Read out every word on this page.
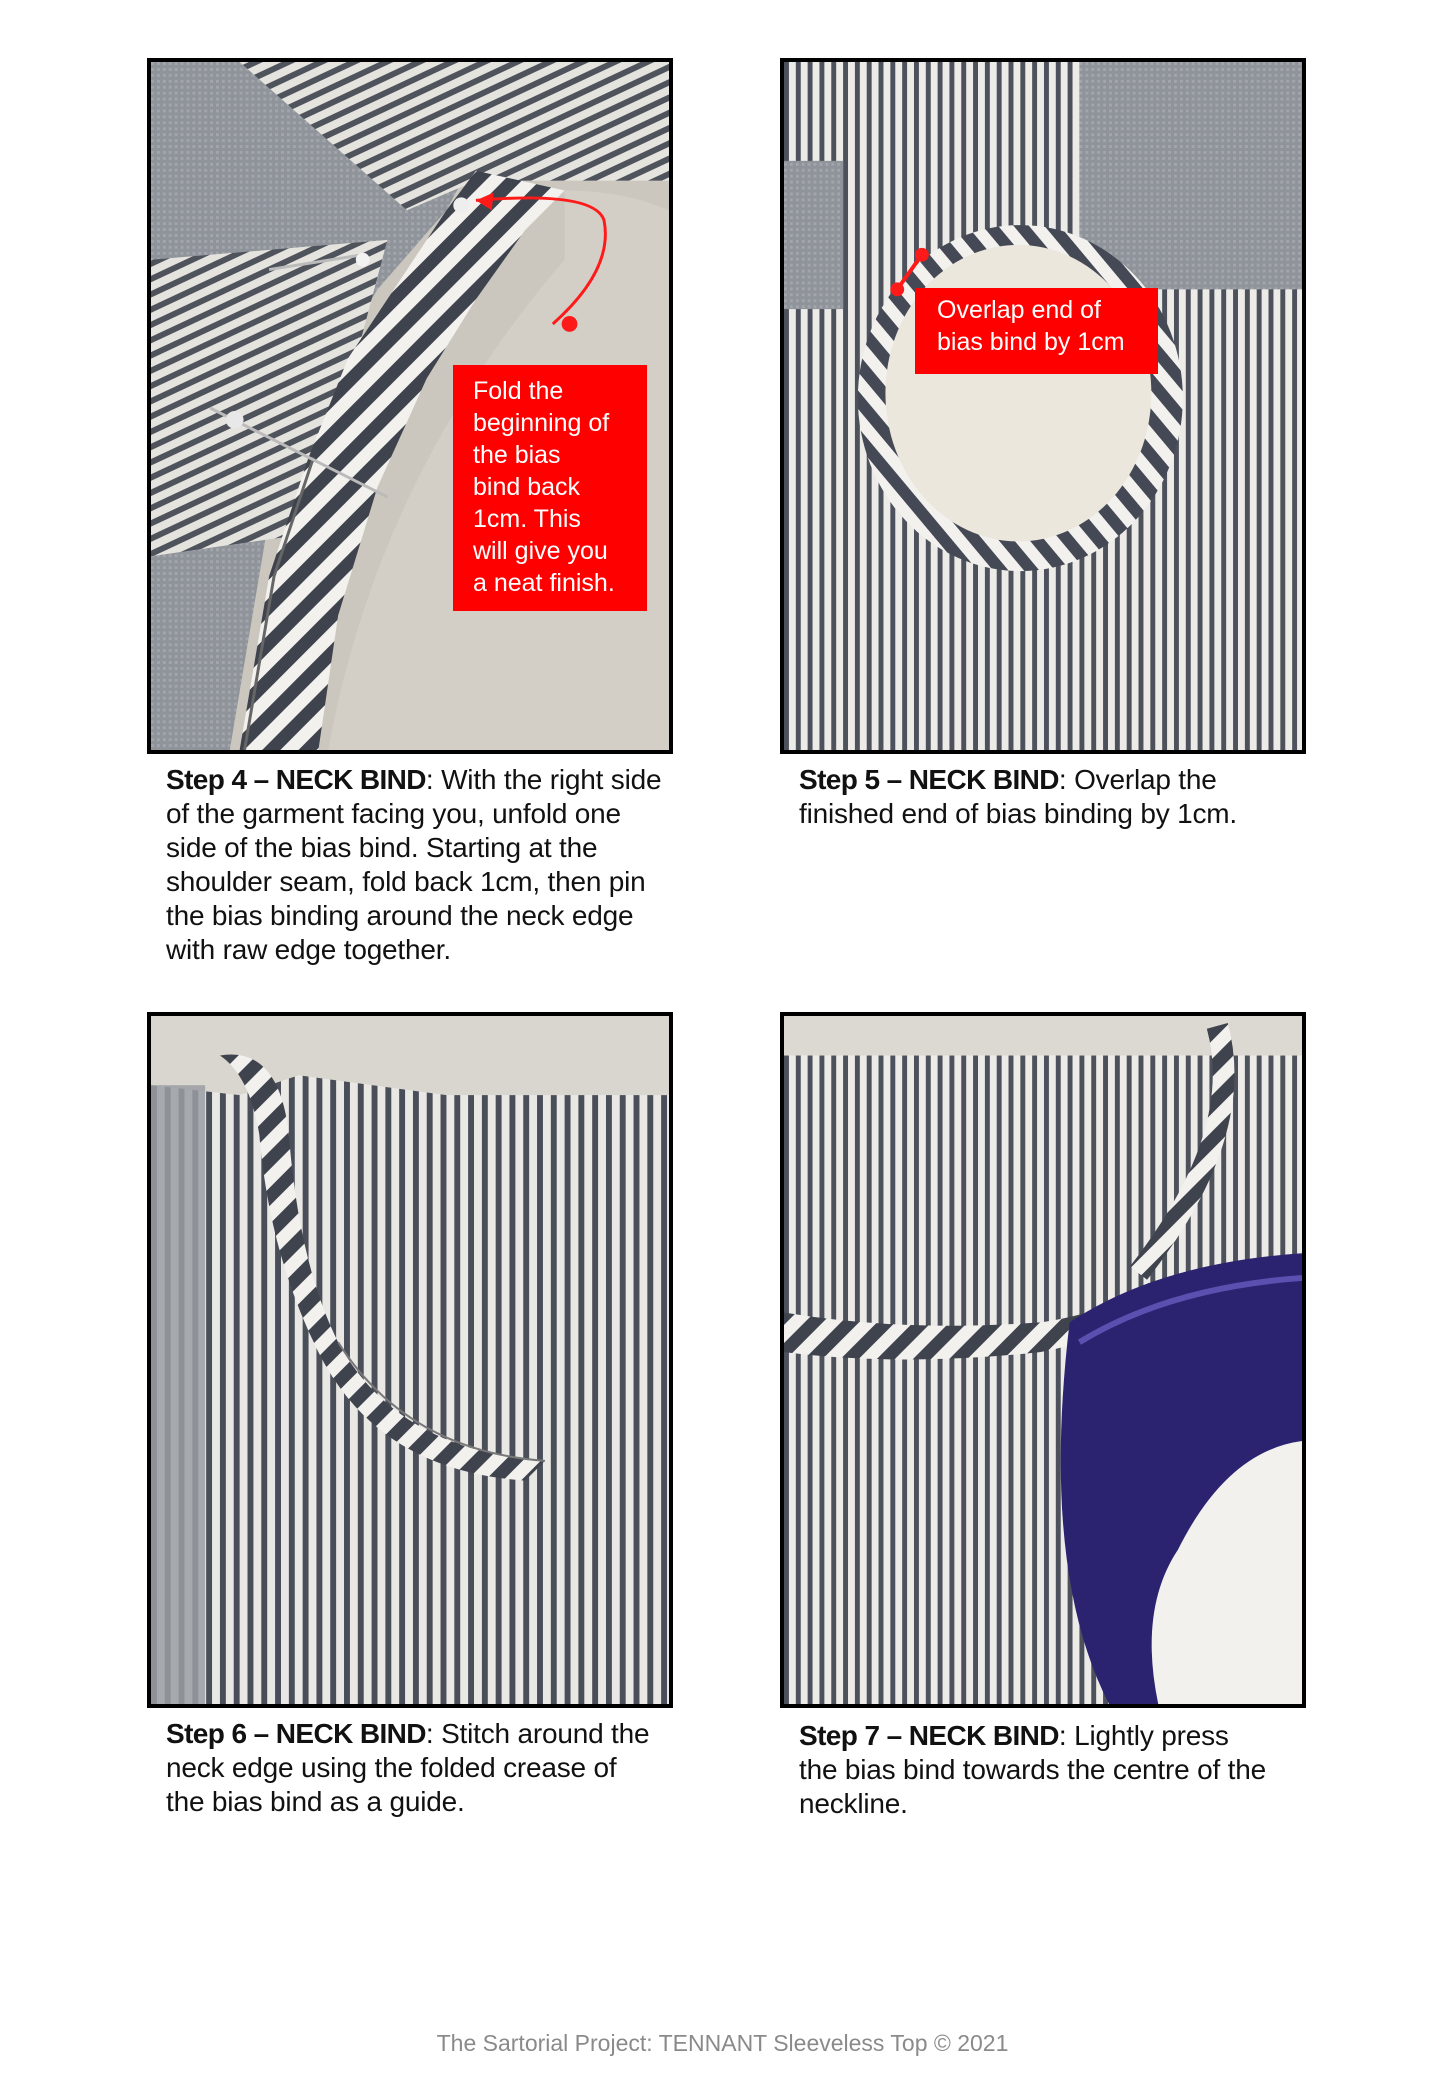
Fold the
beginning of
the bias
bind back
1cm. This
will give you
a neat finish.
Overlap end of
bias bind by 1cm
Step 4 – NECK BIND: With the right side of the garment facing you, unfold one side of the bias bind. Starting at the shoulder seam, fold back 1cm, then pin the bias binding around the neck edge with raw edge together.
Step 5 – NECK BIND: Overlap the finished end of bias binding by 1cm.
Step 6 – NECK BIND: Stitch around the neck edge using the folded crease of the bias bind as a guide.
Step 7 – NECK BIND: Lightly press the bias bind towards the centre of the neckline.
The Sartorial Project: TENNANT Sleeveless Top © 2021
